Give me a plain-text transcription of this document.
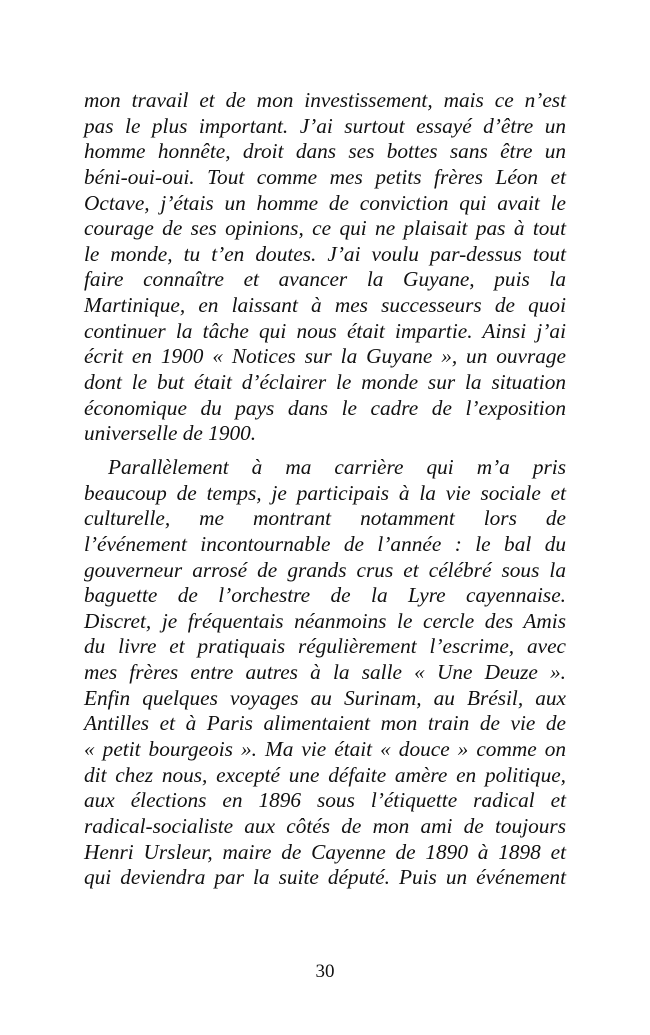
mon travail et de mon investissement, mais ce n’est
pas le plus important. J’ai surtout essayé d’être un
homme honnête, droit dans ses bottes sans être un
béni-oui-oui. Tout comme mes petits frères Léon et
Octave, j’étais un homme de conviction qui avait le
courage de ses opinions, ce qui ne plaisait pas à tout
le monde, tu t’en doutes. J’ai voulu par-dessus tout
faire connaître et avancer la Guyane, puis la
Martinique, en laissant à mes successeurs de quoi
continuer la tâche qui nous était impartie. Ainsi j’ai
écrit en 1900 « Notices sur la Guyane », un ouvrage
dont le but était d’éclairer le monde sur la situation
économique du pays dans le cadre de l’exposition
universelle de 1900.
Parallèlement à ma carrière qui m’a pris
beaucoup de temps, je participais à la vie sociale et
culturelle, me montrant notamment lors de
l’événement incontournable de l’année : le bal du
gouverneur arrosé de grands crus et célébré sous la
baguette de l’orchestre de la Lyre cayennaise.
Discret, je fréquentais néanmoins le cercle des Amis
du livre et pratiquais régulièrement l’escrime, avec
mes frères entre autres à la salle « Une Deuze ».
Enfin quelques voyages au Surinam, au Brésil, aux
Antilles et à Paris alimentaient mon train de vie de
« petit bourgeois ». Ma vie était « douce » comme on
dit chez nous, excepté une défaite amère en politique,
aux élections en 1896 sous l’étiquette radical et
radical-socialiste aux côtés de mon ami de toujours
Henri Ursleur, maire de Cayenne de 1890 à 1898 et
qui deviendra par la suite député. Puis un événement
30
